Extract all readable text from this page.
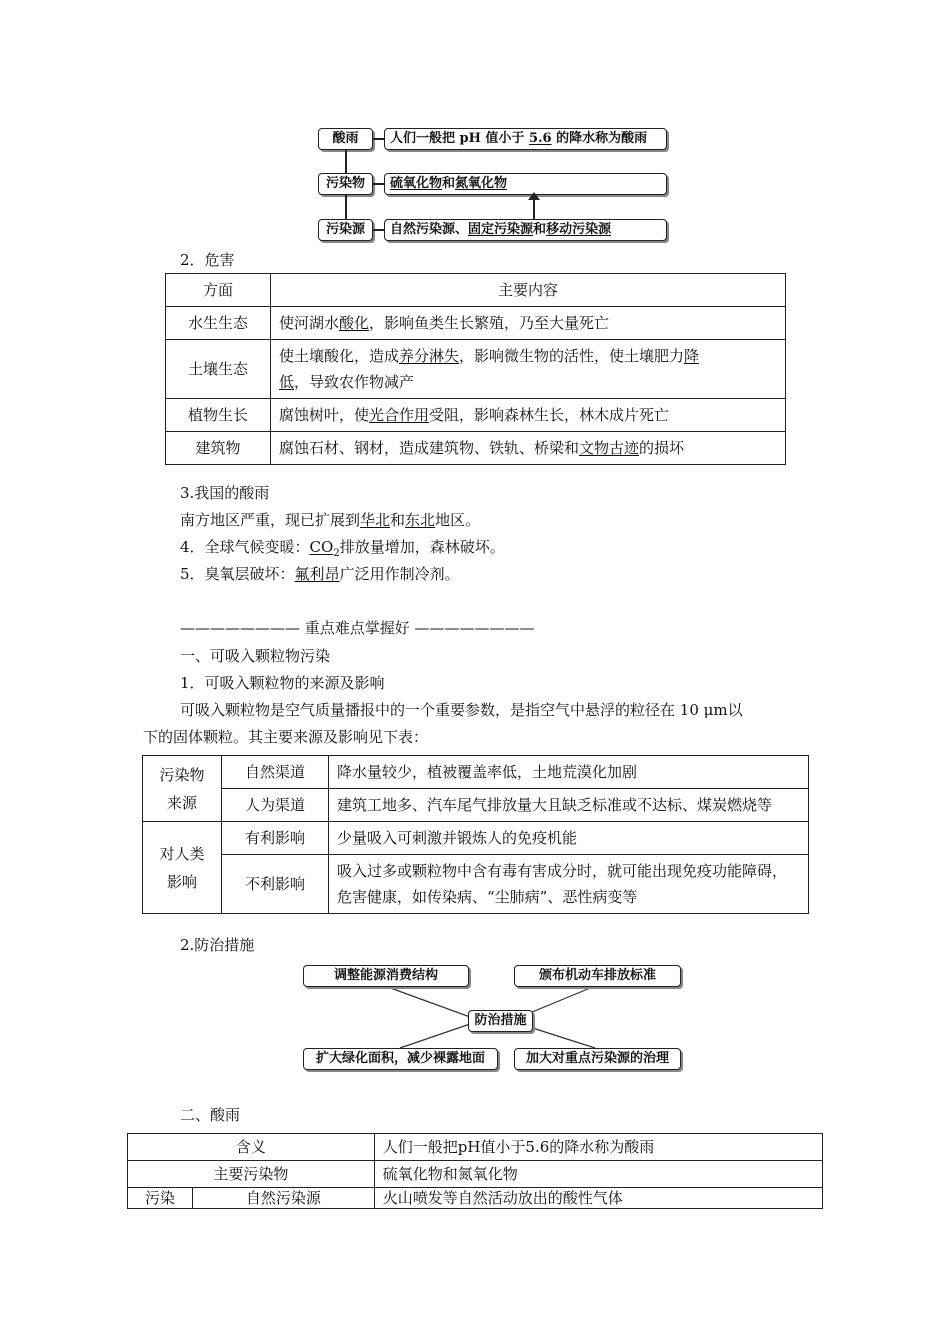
酸雨	人们一般把 pH 值小于 5.6 的降水称为酸雨
污染物	硫氧化物和氮氧化物
污染源	自然污染源、固定污染源和移动污染源
2．危害
方面	主要内容
水生生态	使河湖水酸化，影响鱼类生长繁殖，乃至大量死亡
土壤生态	使土壤酸化，造成养分淋失，影响微生物的活性，使土壤肥力降
低，导致农作物减产
植物生长	腐蚀树叶，使光合作用受阻，影响森林生长，林木成片死亡
建筑物	腐蚀石材、钢材，造成建筑物、铁轨、桥梁和文物古迹的损坏
3.我国的酸雨
南方地区严重，现已扩展到华北和东北地区。
4．全球气候变暖：$CO_2$排放量增加，森林破坏。
5．臭氧层破坏：氟利昂广泛用作制冷剂。
———————— 重点难点掌握好 ————————
一、可吸入颗粒物污染
1．可吸入颗粒物的来源及影响
可吸入颗粒物是空气质量播报中的一个重要参数，是指空气中悬浮的粒径在 10 μm以
下的固体颗粒。其主要来源及影响见下表：
污染物
来源	自然渠道	降水量较少，植被覆盖率低，土地荒漠化加剧
	人为渠道	建筑工地多、汽车尾气排放量大且缺乏标准或不达标、煤炭燃烧等
对人类
影响	有利影响	少量吸入可刺激并锻炼人的免疫机能
	不利影响	吸入过多或颗粒物中含有毒有害成分时，就可能出现免疫功能障碍，危害健康，如传染病、“尘肺病”、恶性病变等
2.防治措施
调整能源消费结构	颁布机动车排放标准
防治措施
扩大绿化面积，减少裸露地面	加大对重点污染源的治理
二、酸雨
含义		人们一般把pH值小于5.6的降水称为酸雨
主要污染物		硫氧化物和氮氧化物
污染	自然污染源	火山喷发等自然活动放出的酸性气体
